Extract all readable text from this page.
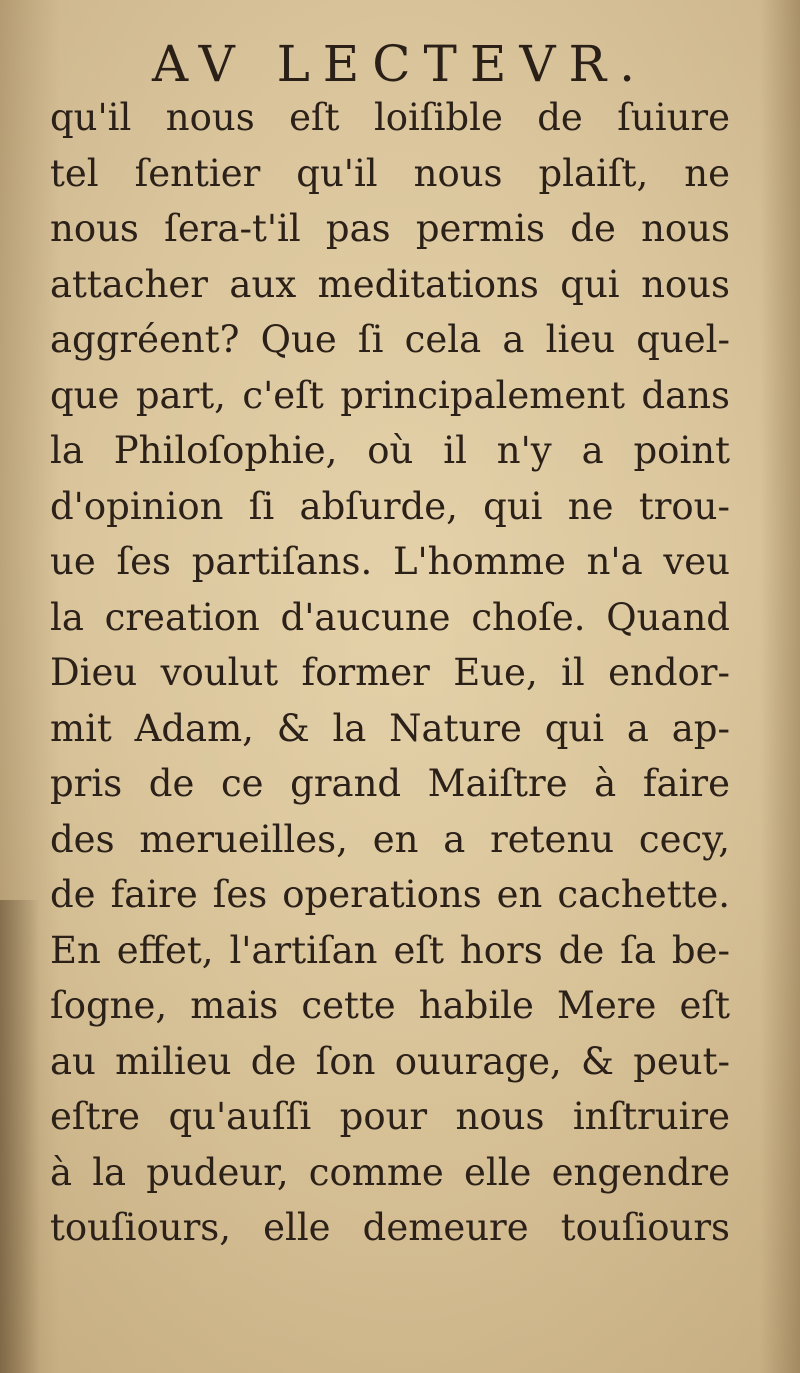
AV LECTEVR.
qu'il nous eſt loiſible de ſuiure
tel ſentier qu'il nous plaiſt, ne
nous ſera-t'il pas permis de nous
attacher aux meditations qui nous
aggréent? Que ſi cela a lieu quel-
que part, c'eſt principalement dans
la Philoſophie, où il n'y a point
d'opinion ſi abſurde, qui ne trou-
ue ſes partiſans. L'homme n'a veu
la creation d'aucune choſe. Quand
Dieu voulut former Eue, il endor-
mit Adam, & la Nature qui a ap-
pris de ce grand Maiſtre à faire
des merueilles, en a retenu cecy,
de faire ſes operations en cachette.
En effet, l'artiſan eſt hors de ſa be-
ſogne, mais cette habile Mere eſt
au milieu de ſon ouurage, & peut-
eſtre qu'auſſi pour nous inſtruire
à la pudeur, comme elle engendre
touſiours, elle demeure touſiours
